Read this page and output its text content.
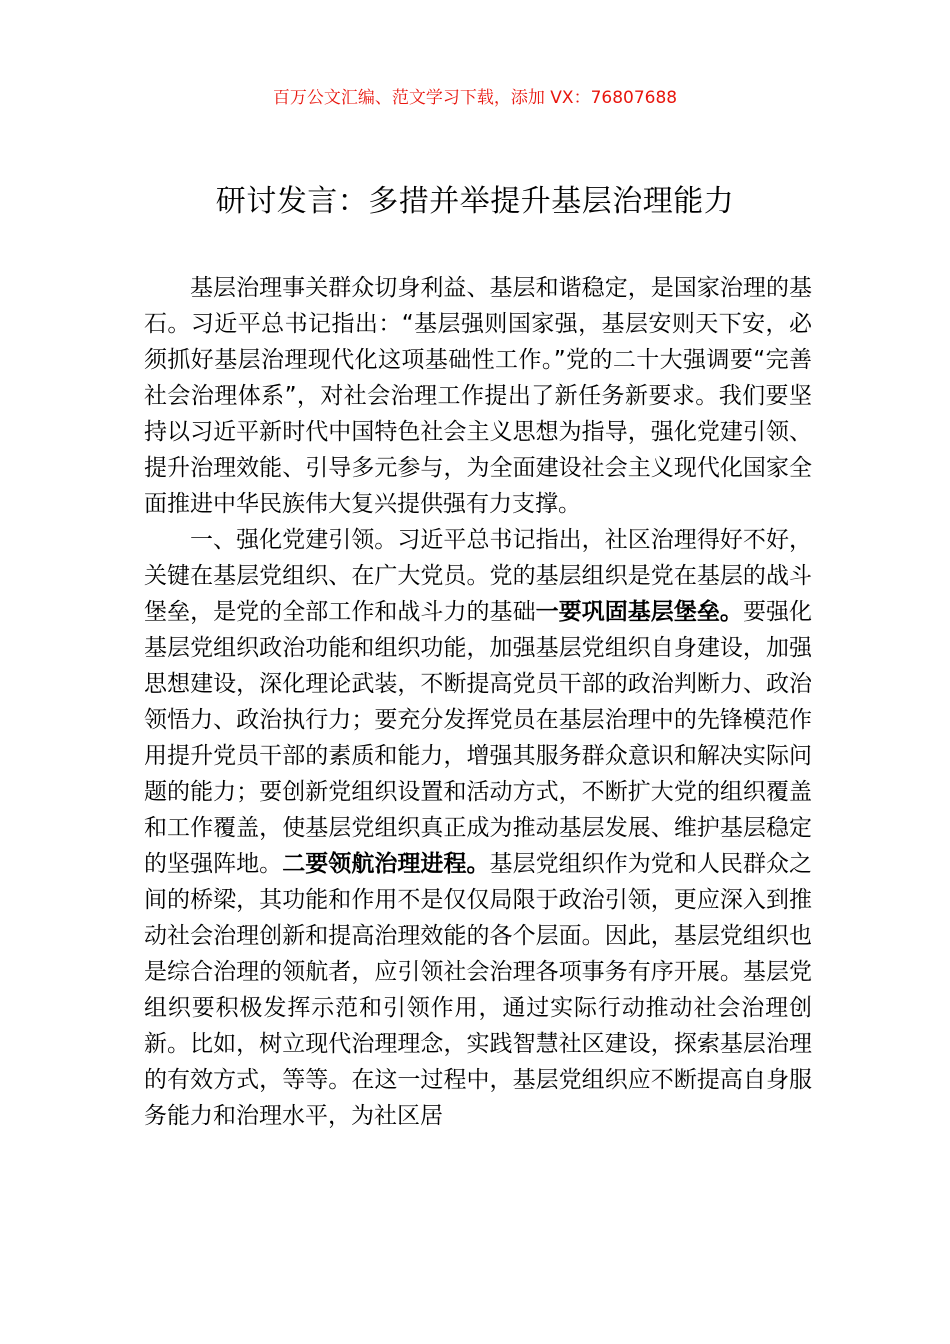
百万公文汇编、范文学习下载，添加 VX：76807688
研讨发言：多措并举提升基层治理能力

基层治理事关群众切身利益、基层和谐稳定，是国家治理的基石。习近平总书记指出：“基层强则国家强，基层安则天下安，必须抓好基层治理现代化这项基础性工作。”党的二十大强调要“完善社会治理体系”，对社会治理工作提出了新任务新要求。我们要坚持以习近平新时代中国特色社会主义思想为指导，强化党建引领、提升治理效能、引导多元参与，为全面建设社会主义现代化国家全面推进中华民族伟大复兴提供强有力支撑。

一、强化党建引领。习近平总书记指出，社区治理得好不好，关键在基层党组织、在广大党员。党的基层组织是党在基层的战斗堡垒，是党的全部工作和战斗力的基础一要巩固基层堡垒。要强化基层党组织政治功能和组织功能，加强基层党组织自身建设，加强思想建设，深化理论武装，不断提高党员干部的政治判断力、政治领悟力、政治执行力；要充分发挥党员在基层治理中的先锋模范作用提升党员干部的素质和能力，增强其服务群众意识和解决实际问题的能力；要创新党组织设置和活动方式，不断扩大党的组织覆盖和工作覆盖，使基层党组织真正成为推动基层发展、维护基层稳定的坚强阵地。二要领航治理进程。基层党组织作为党和人民群众之间的桥梁，其功能和作用不是仅仅局限于政治引领，更应深入到推动社会治理创新和提高治理效能的各个层面。因此，基层党组织也是综合治理的领航者，应引领社会治理各项事务有序开展。基层党组织要积极发挥示范和引领作用，通过实际行动推动社会治理创新。比如，树立现代治理理念，实践智慧社区建设，探索基层治理的有效方式，等等。在这一过程中，基层党组织应不断提高自身服务能力和治理水平，为社区居
